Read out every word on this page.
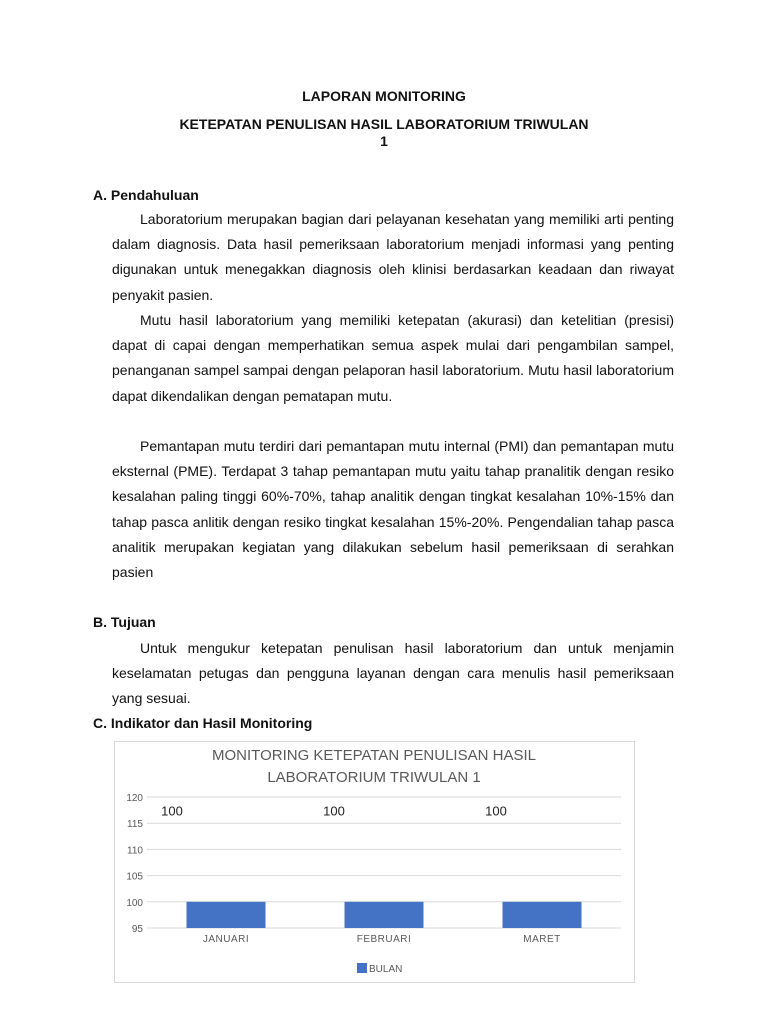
LAPORAN MONITORING
KETEPATAN PENULISAN HASIL LABORATORIUM TRIWULAN
1
A. Pendahuluan

Laboratorium merupakan bagian dari pelayanan kesehatan yang memiliki arti penting dalam diagnosis. Data hasil pemeriksaan laboratorium menjadi informasi yang penting digunakan untuk menegakkan diagnosis oleh klinisi berdasarkan keadaan dan riwayat penyakit pasien.

Mutu hasil laboratorium yang memiliki ketepatan (akurasi) dan ketelitian (presisi) dapat di capai dengan memperhatikan semua aspek mulai dari pengambilan sampel, penanganan sampel sampai dengan pelaporan hasil laboratorium. Mutu hasil laboratorium dapat dikendalikan dengan pematapan mutu.

Pemantapan mutu terdiri dari pemantapan mutu internal (PMI) dan pemantapan mutu eksternal (PME). Terdapat 3 tahap pemantapan mutu yaitu tahap pranalitik dengan resiko kesalahan paling tinggi 60%-70%, tahap analitik dengan tingkat kesalahan 10%-15% dan tahap pasca anlitik dengan resiko tingkat kesalahan 15%-20%. Pengendalian tahap pasca analitik merupakan kegiatan yang dilakukan sebelum hasil pemeriksaan di serahkan pasien

B. Tujuan

Untuk mengukur ketepatan penulisan hasil laboratorium dan untuk menjamin keselamatan petugas dan pengguna layanan dengan cara menulis hasil pemeriksaan yang sesuai.

C. Indikator dan Hasil Monitoring
MONITORING KETEPATAN PENULISAN HASIL
LABORATORIUM TRIWULAN 1
95
100
105
110
115
120
JANUARI
100
FEBRUARI
100
MARET
100
BULAN
